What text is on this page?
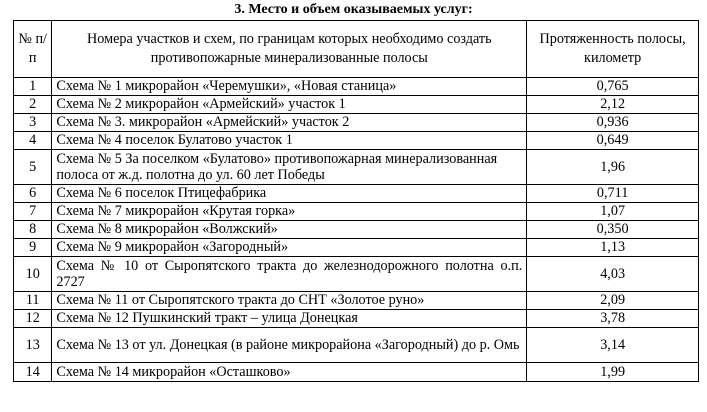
3. Место и объем оказываемых услуг:
№ п/п	Номера участков и схем, по границам которых необходимо создать противопожарные минерализованные полосы	Протяженность полосы, километр
1	Схема № 1 микрорайон «Черемушки», «Новая станица»	0,765
2	Схема № 2 микрорайон «Армейский» участок 1	2,12
3	Схема № 3. микрорайон «Армейский» участок 2	0,936
4	Схема № 4 поселок Булатово участок 1	0,649
5	Схема № 5 За поселком «Булатово» противопожарная минерализованная полоса от ж.д. полотна до ул. 60 лет Победы	1,96
6	Схема № 6 поселок Птицефабрика	0,711
7	Схема № 7 микрорайон «Крутая горка»	1,07
8	Схема № 8 микрорайон «Волжский»	0,350
9	Схема № 9 микрорайон «Загородный»	1,13
10	Схема № 10 от Сыропятского тракта до железнодорожного полотна о.п. 2727	4,03
11	Схема № 11 от Сыропятского тракта до СНТ «Золотое руно»	2,09
12	Схема № 12 Пушкинский тракт – улица Донецкая	3,78
13	Схема № 13 от ул. Донецкая (в районе микрорайона «Загородный) до р. Омь	3,14
14	Схема № 14 микрорайон «Осташково»	1,99
